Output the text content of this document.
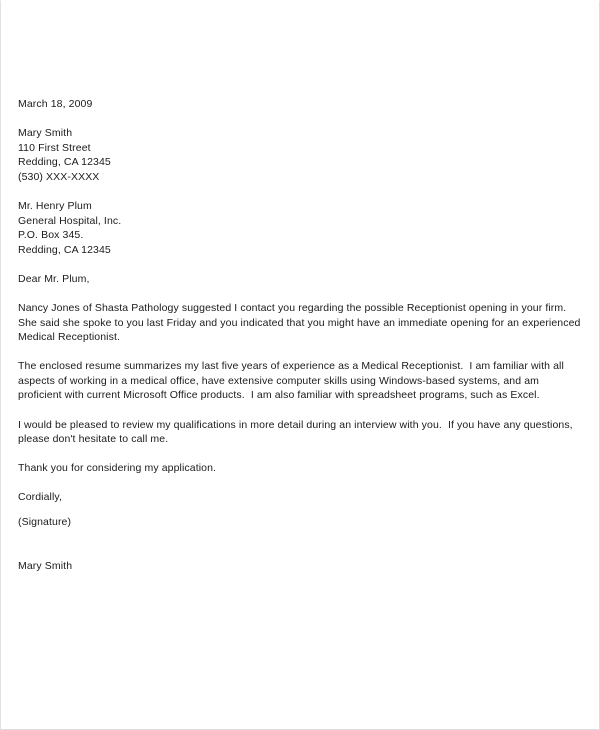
March 18, 2009
Mary Smith
110 First Street
Redding, CA 12345
(530) XXX-XXXX
Mr. Henry Plum
General Hospital, Inc.
P.O. Box 345.
Redding, CA 12345
Dear Mr. Plum,
Nancy Jones of Shasta Pathology suggested I contact you regarding the possible Receptionist opening in your firm.  She said she spoke to you last Friday and you indicated that you might have an immediate opening for an experienced Medical Receptionist.
The enclosed resume summarizes my last five years of experience as a Medical Receptionist.  I am familiar with all aspects of working in a medical office, have extensive computer skills using Windows-based systems, and am proficient with current Microsoft Office products.  I am also familiar with spreadsheet programs, such as Excel.
I would be pleased to review my qualifications in more detail during an interview with you.  If you have any questions, please don't hesitate to call me.
Thank you for considering my application.
Cordially,
(Signature)
Mary Smith
